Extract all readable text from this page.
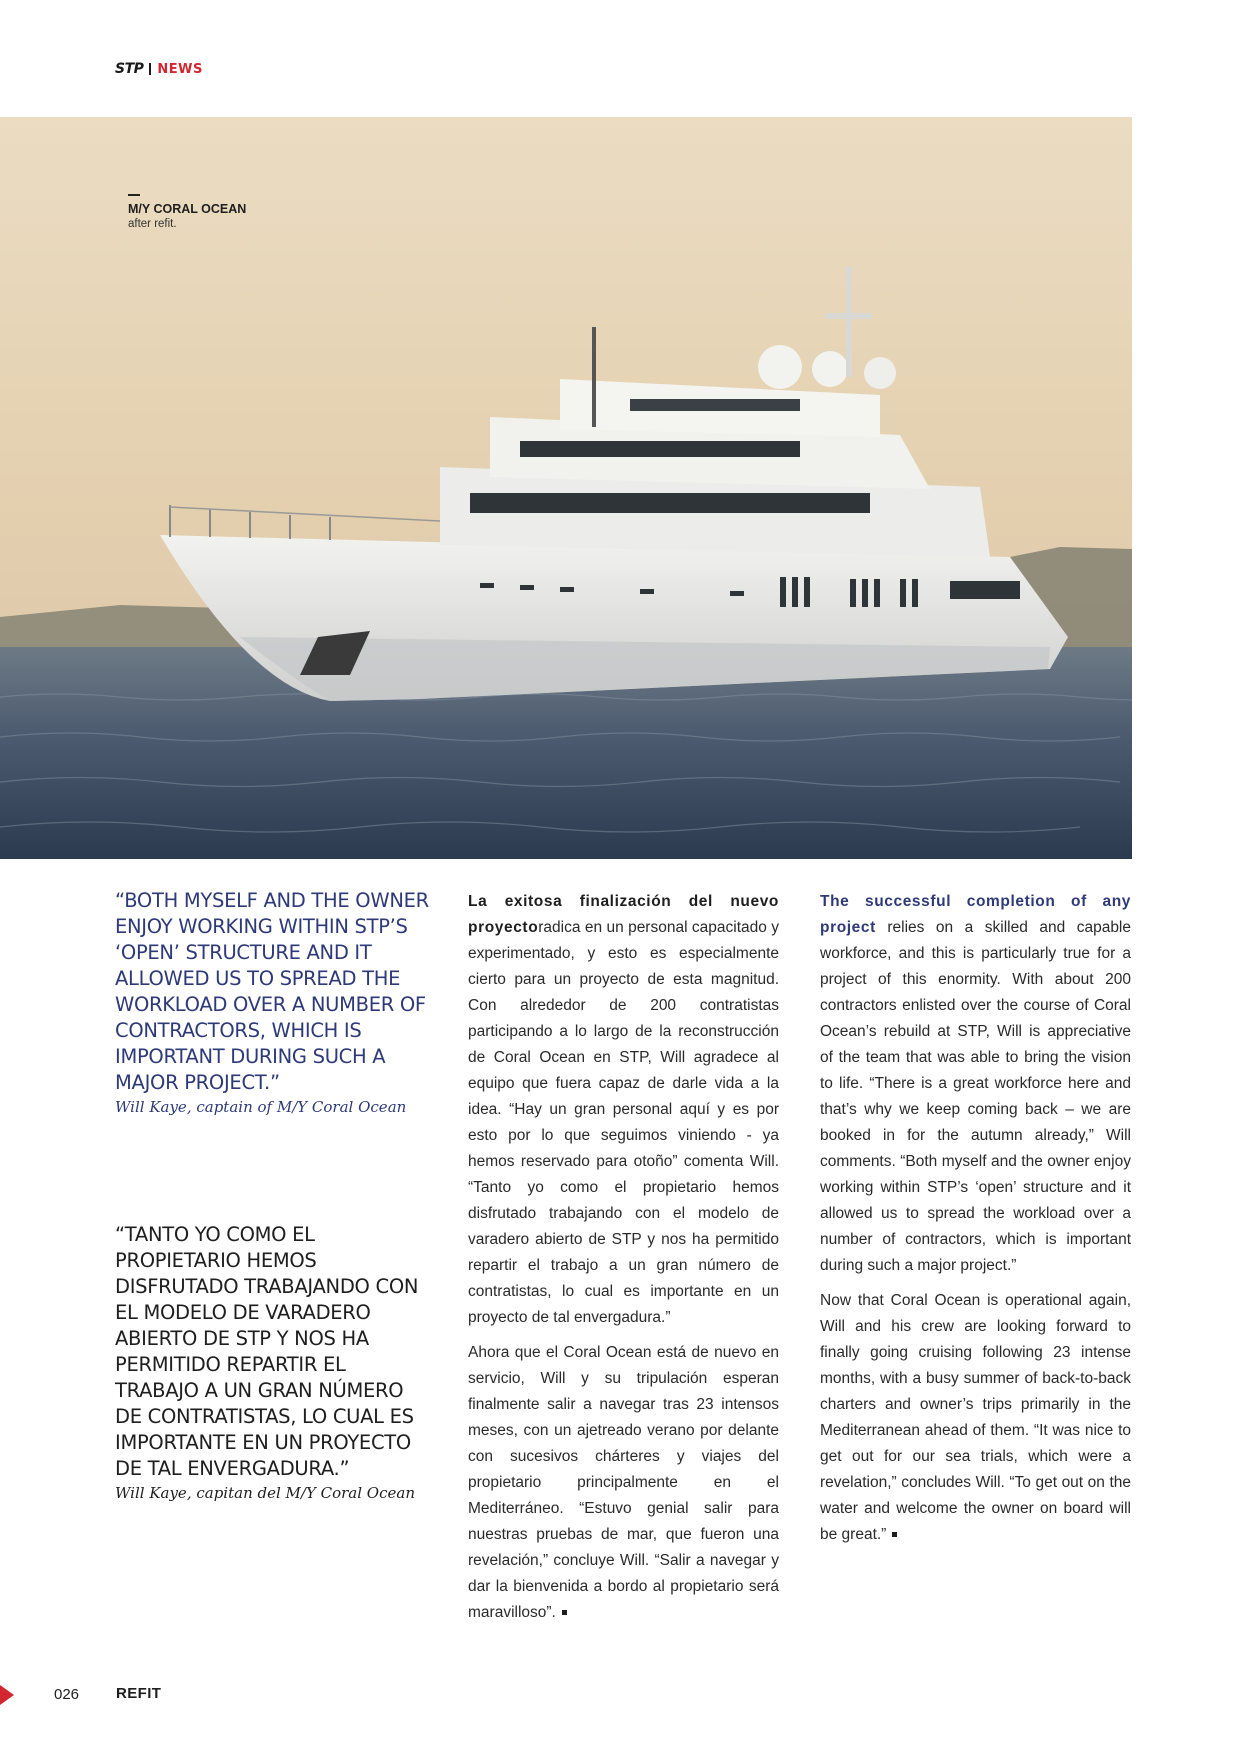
STP NEWS
M/Y CORAL OCEAN
after refit.
“BOTH MYSELF AND THE OWNER ENJOY WORKING WITHIN STP’S ‘OPEN’ STRUCTURE AND IT ALLOWED US TO SPREAD THE WORKLOAD OVER A NUMBER OF CONTRACTORS, WHICH IS IMPORTANT DURING SUCH A MAJOR PROJECT.”
Will Kaye, captain of M/Y Coral Ocean
“TANTO YO COMO EL PROPIETARIO HEMOS DISFRUTADO TRABAJANDO CON EL MODELO DE VARADERO ABIERTO DE STP Y NOS HA PERMITIDO REPARTIR EL TRABAJO A UN GRAN NÚMERO DE CONTRATISTAS, LO CUAL ES IMPORTANTE EN UN PROYECTO DE TAL ENVERGADURA.”
Will Kaye, capitan del M/Y Coral Ocean

La exitosa finalización del nuevo proyectoradica en un personal capacitado y experimentado, y esto es especialmente cierto para un proyecto de esta magnitud. Con alrededor de 200 contratistas participando a lo largo de la reconstrucción de Coral Ocean en STP, Will agradece al equipo que fuera capaz de darle vida a la idea. “Hay un gran personal aquí y es por esto por lo que seguimos viniendo - ya hemos reservado para otoño” comenta Will. “Tanto yo como el propietario hemos disfrutado trabajando con el modelo de varadero abierto de STP y nos ha permitido repartir el trabajo a un gran número de contratistas, lo cual es importante en un proyecto de tal envergadura.”

Ahora que el Coral Ocean está de nuevo en servicio, Will y su tripulación esperan finalmente salir a navegar tras 23 intensos meses, con un ajetreado verano por delante con sucesivos chárteres y viajes del propietario principalmente en el Mediterráneo. “Estuvo genial salir para nuestras pruebas de mar, que fueron una revelación,” concluye Will. “Salir a navegar y dar la bienvenida a bordo al propietario será maravilloso”.

The successful completion of any project relies on a skilled and capable workforce, and this is particularly true for a project of this enormity. With about 200 contractors enlisted over the course of Coral Ocean’s rebuild at STP, Will is appreciative of the team that was able to bring the vision to life. “There is a great workforce here and that’s why we keep coming back – we are booked in for the autumn already,” Will comments. “Both myself and the owner enjoy working within STP’s ‘open’ structure and it allowed us to spread the workload over a number of contractors, which is important during such a major project.”

Now that Coral Ocean is operational again, Will and his crew are looking forward to finally going cruising following 23 intense months, with a busy summer of back-to-back charters and owner’s trips primarily in the Mediterranean ahead of them. “It was nice to get out for our sea trials, which were a revelation,” concludes Will. “To get out on the water and welcome the owner on board will be great.”

026 REFIT
